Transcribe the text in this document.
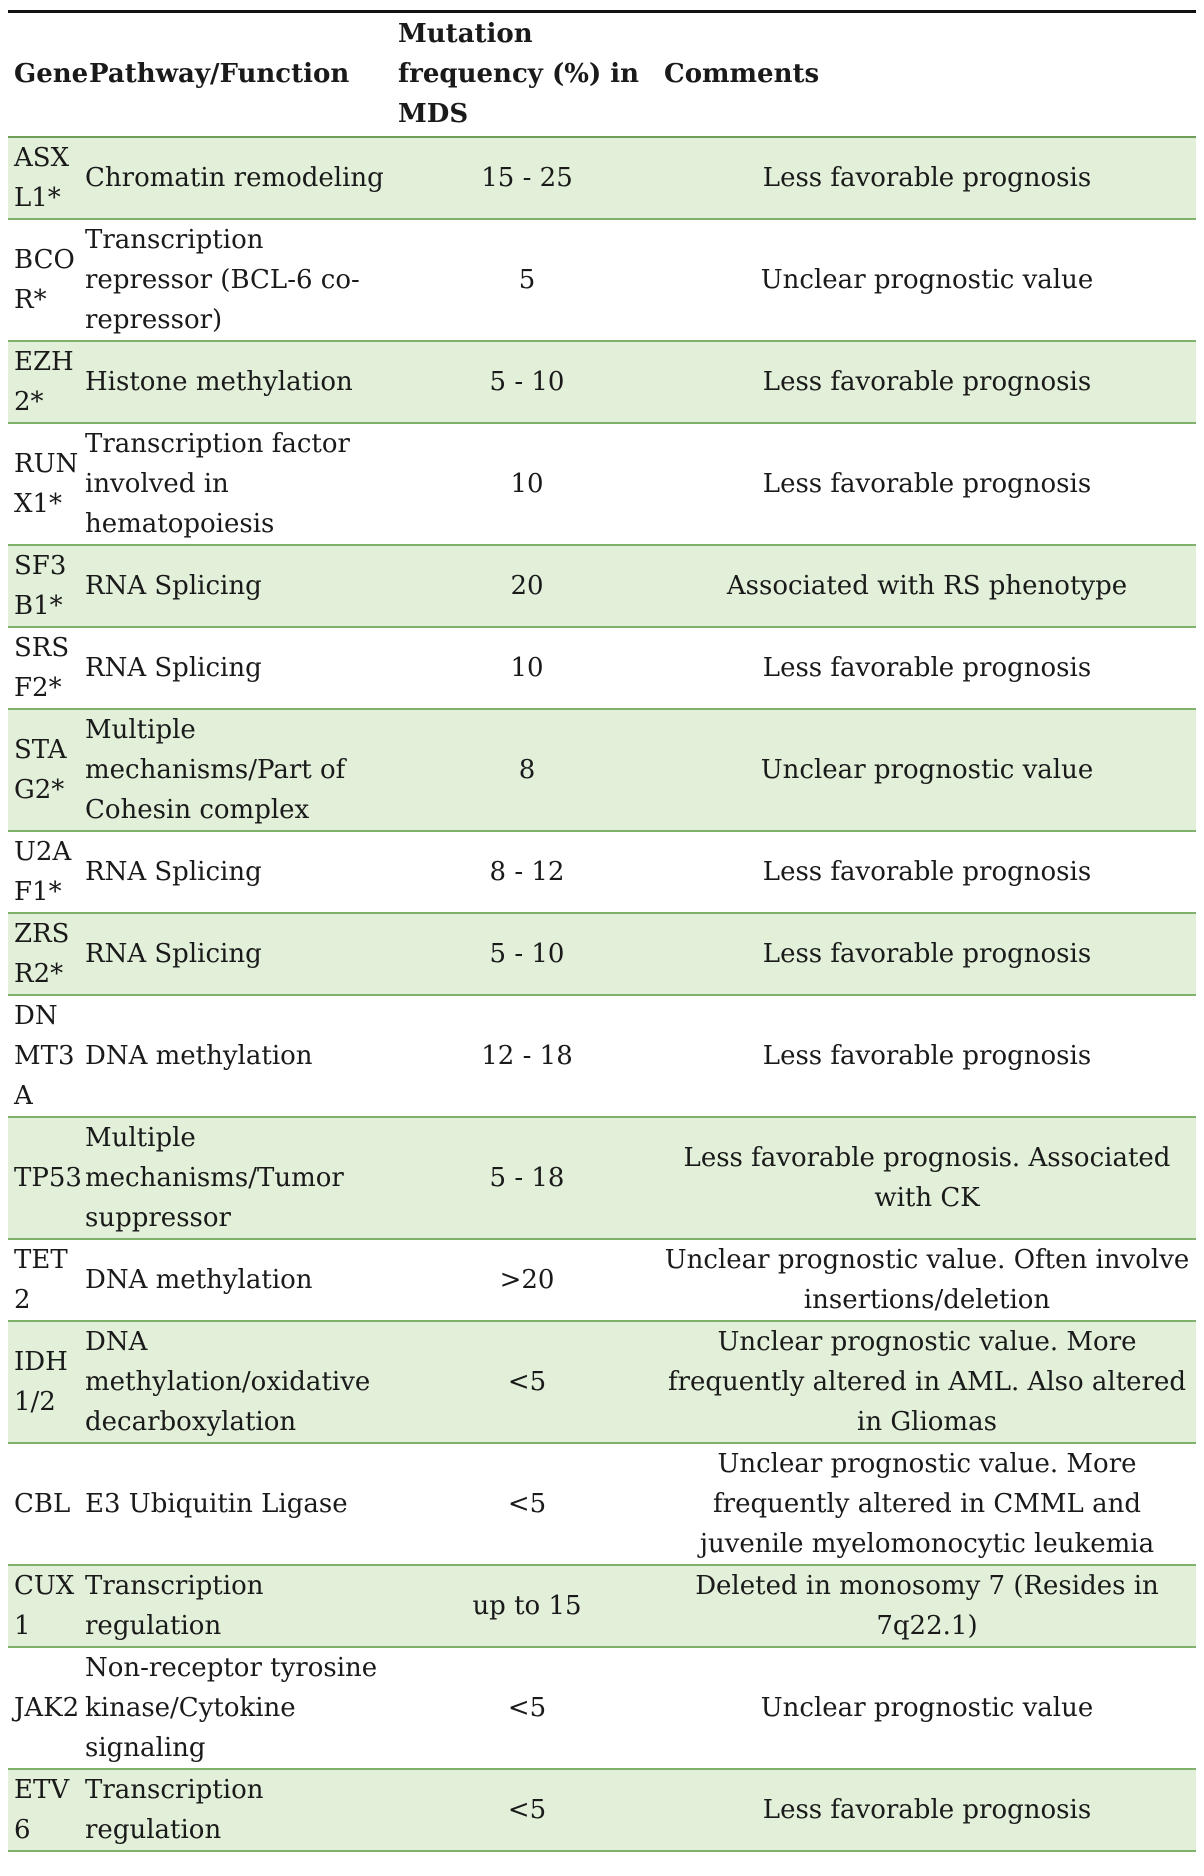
Gene	Pathway/Function	Mutation frequency (%) in MDS	Comments
ASXL1*	Chromatin remodeling	15 - 25	Less favorable prognosis
BCOR*	Transcription repressor (BCL-6 co-repressor)	5	Unclear prognostic value
EZH2*	Histone methylation	5 - 10	Less favorable prognosis
RUNX1*	Transcription factor involved in hematopoiesis	10	Less favorable prognosis
SF3B1*	RNA Splicing	20	Associated with RS phenotype
SRSF2*	RNA Splicing	10	Less favorable prognosis
STAG2*	Multiple mechanisms/Part of Cohesin complex	8	Unclear prognostic value
U2AF1*	RNA Splicing	8 - 12	Less favorable prognosis
ZRSR2*	RNA Splicing	5 - 10	Less favorable prognosis
DNMT3A	DNA methylation	12 - 18	Less favorable prognosis
TP53	Multiple mechanisms/Tumor suppressor	5 - 18	Less favorable prognosis. Associated with CK
TET2	DNA methylation	>20	Unclear prognostic value. Often involve insertions/deletion
IDH1/2	DNA methylation/oxidative decarboxylation	<5	Unclear prognostic value. More frequently altered in AML. Also altered in Gliomas
CBL	E3 Ubiquitin Ligase	<5	Unclear prognostic value. More frequently altered in CMML and juvenile myelomonocytic leukemia
CUX1	Transcription regulation	up to 15	Deleted in monosomy 7 (Resides in 7q22.1)
JAK2	Non-receptor tyrosine kinase/Cytokine signaling	<5	Unclear prognostic value
ETV6	Transcription regulation	<5	Less favorable prognosis
